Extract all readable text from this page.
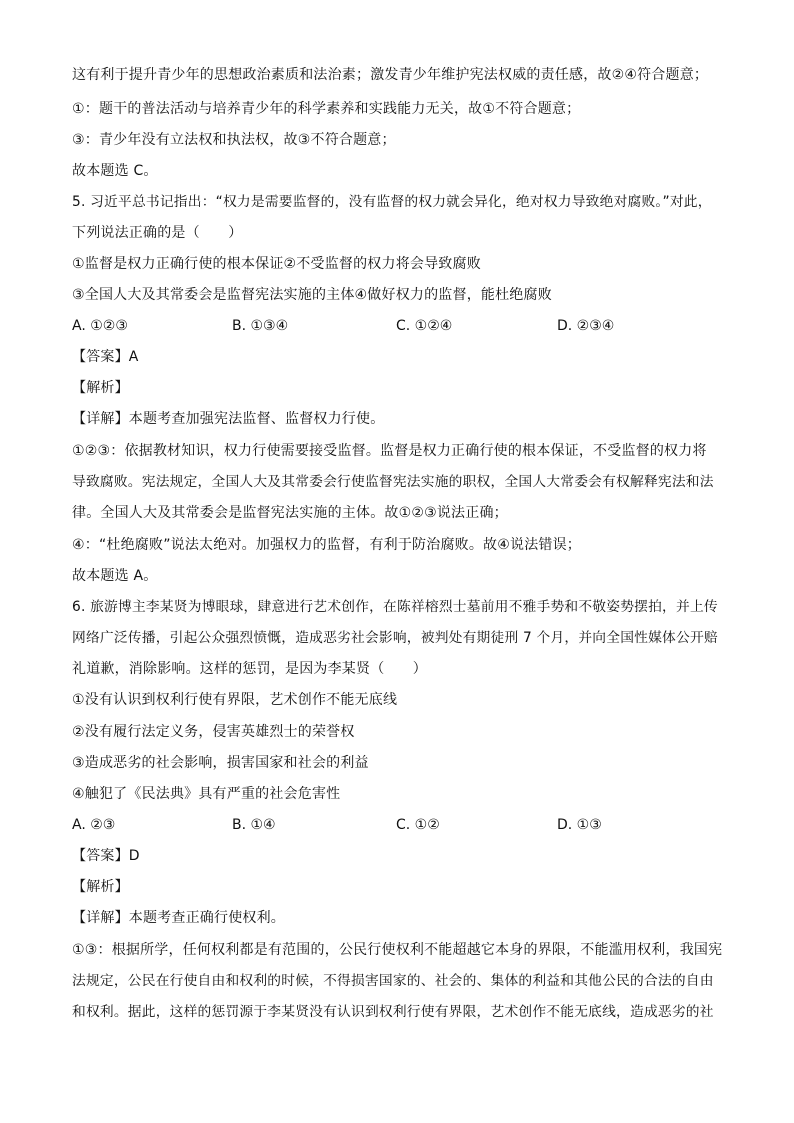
这有利于提升青少年的思想政治素质和法治素；激发青少年维护宪法权威的责任感，故②④符合题意；
①：题干的普法活动与培养青少年的科学素养和实践能力无关，故①不符合题意；
③：青少年没有立法权和执法权，故③不符合题意；
故本题选 C。
5. 习近平总书记指出：“权力是需要监督的，没有监督的权力就会异化，绝对权力导致绝对腐败。”对此，
下列说法正确的是（　　）
①监督是权力正确行使的根本保证②不受监督的权力将会导致腐败
③全国人大及其常委会是监督宪法实施的主体④做好权力的监督，能杜绝腐败
A. ①②③	B. ①③④	C. ①②④	D. ②③④
【答案】A
【解析】
【详解】本题考查加强宪法监督、监督权力行使。
①②③：依据教材知识，权力行使需要接受监督。监督是权力正确行使的根本保证，不受监督的权力将
导致腐败。宪法规定，全国人大及其常委会行使监督宪法实施的职权，全国人大常委会有权解释宪法和法
律。全国人大及其常委会是监督宪法实施的主体。故①②③说法正确；
④：“杜绝腐败”说法太绝对。加强权力的监督，有利于防治腐败。故④说法错误；
故本题选 A。
6. 旅游博主李某贤为博眼球，肆意进行艺术创作，在陈祥榕烈士墓前用不雅手势和不敬姿势摆拍，并上传
网络广泛传播，引起公众强烈愤慨，造成恶劣社会影响，被判处有期徒刑 7 个月，并向全国性媒体公开赔
礼道歉，消除影响。这样的惩罚，是因为李某贤（　　）
①没有认识到权利行使有界限，艺术创作不能无底线
②没有履行法定义务，侵害英雄烈士的荣誉权
③造成恶劣的社会影响，损害国家和社会的利益
④触犯了《民法典》具有严重的社会危害性
A. ②③	B. ①④	C. ①②	D. ①③
【答案】D
【解析】
【详解】本题考查正确行使权利。
①③：根据所学，任何权利都是有范围的，公民行使权利不能超越它本身的界限，不能滥用权利，我国宪
法规定，公民在行使自由和权利的时候，不得损害国家的、社会的、集体的利益和其他公民的合法的自由
和权利。据此，这样的惩罚源于李某贤没有认识到权利行使有界限，艺术创作不能无底线，造成恶劣的社
